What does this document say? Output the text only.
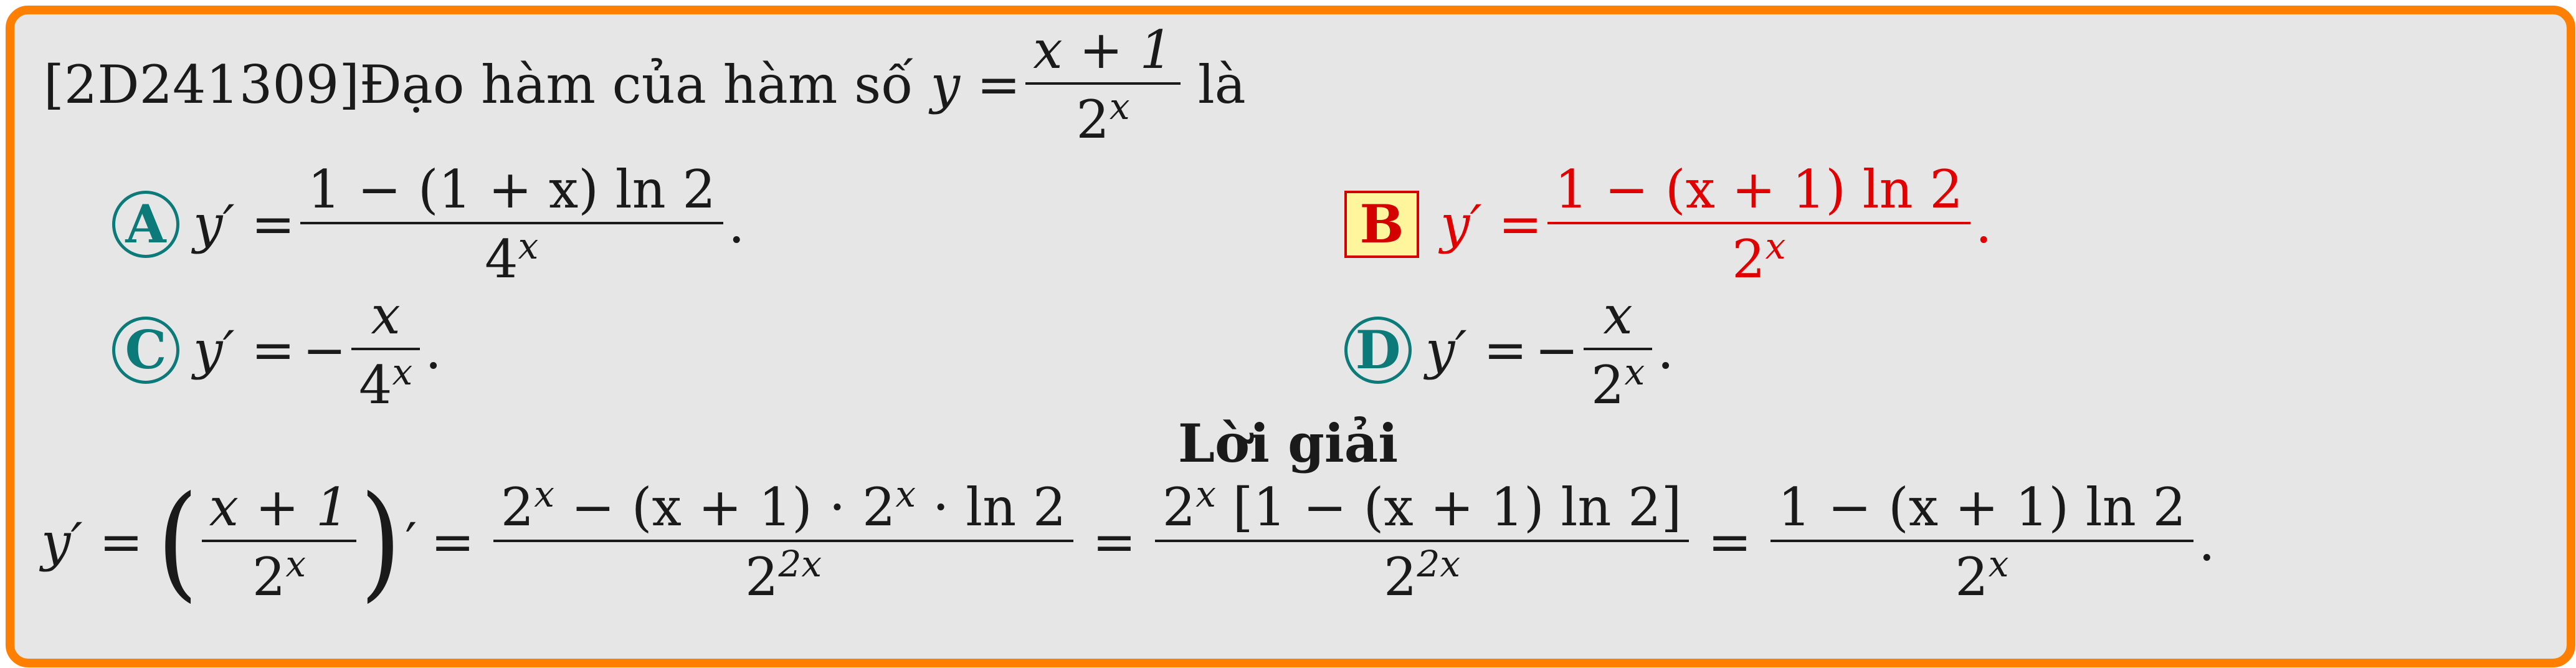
[2D241309] Đạo hàm của hàm số $y = \frac{x + 1}{2^x}$ là
A $y' = \frac{1 - (1 + x) \ln 2}{4^x}$ .	B $y' = \frac{1 - (x + 1) \ln 2}{2^x}$ .
C y′ = − $\frac{x}{4^x}$ .	D y′ = − $\frac{x}{2^x}$ .
Lời giải
y′ = ( $\frac{x + 1}{2^x}$ ) ′ = $\frac{2^x - (x + 1) \cdot 2^x \cdot \ln 2}{2^{2x}} = \frac{2^x [1 - (x + 1) \ln 2]}{2^{2x}} = \frac{1 - (x + 1) \ln 2}{2^x}$ .
